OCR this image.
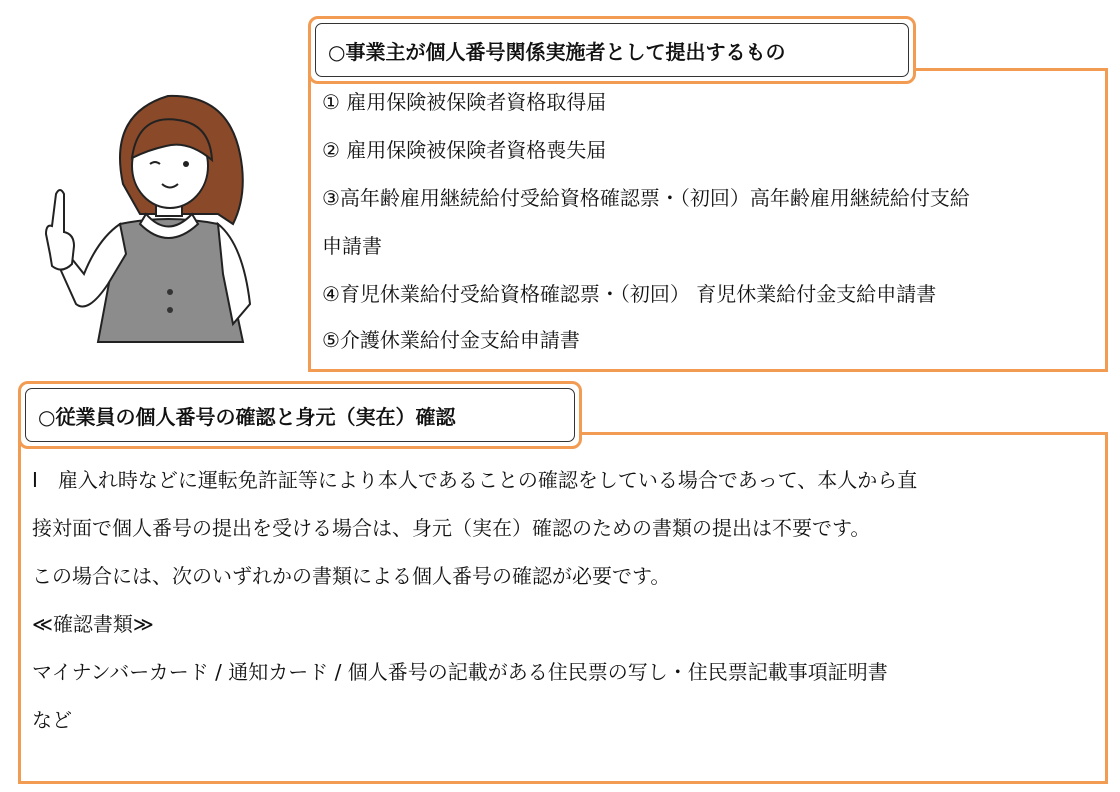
○事業主が個人番号関係実施者として提出するもの
① 雇用保険被保険者資格取得届
② 雇用保険被保険者資格喪失届
③高年齢雇用継続給付受給資格確認票・（初回）高年齢雇用継続給付支給
申請書
④育児休業給付受給資格確認票・（初回） 育児休業給付金支給申請書
⑤介護休業給付金支給申請書
○従業員の個人番号の確認と身元（実在）確認
Ⅰ　雇入れ時などに運転免許証等により本人であることの確認をしている場合であって、本人から直
接対面で個人番号の提出を受ける場合は、身元（実在）確認のための書類の提出は不要です。
この場合には、次のいずれかの書類による個人番号の確認が必要です。
≪確認書類≫
マイナンバーカード / 通知カード / 個人番号の記載がある住民票の写し・住民票記載事項証明書
など
